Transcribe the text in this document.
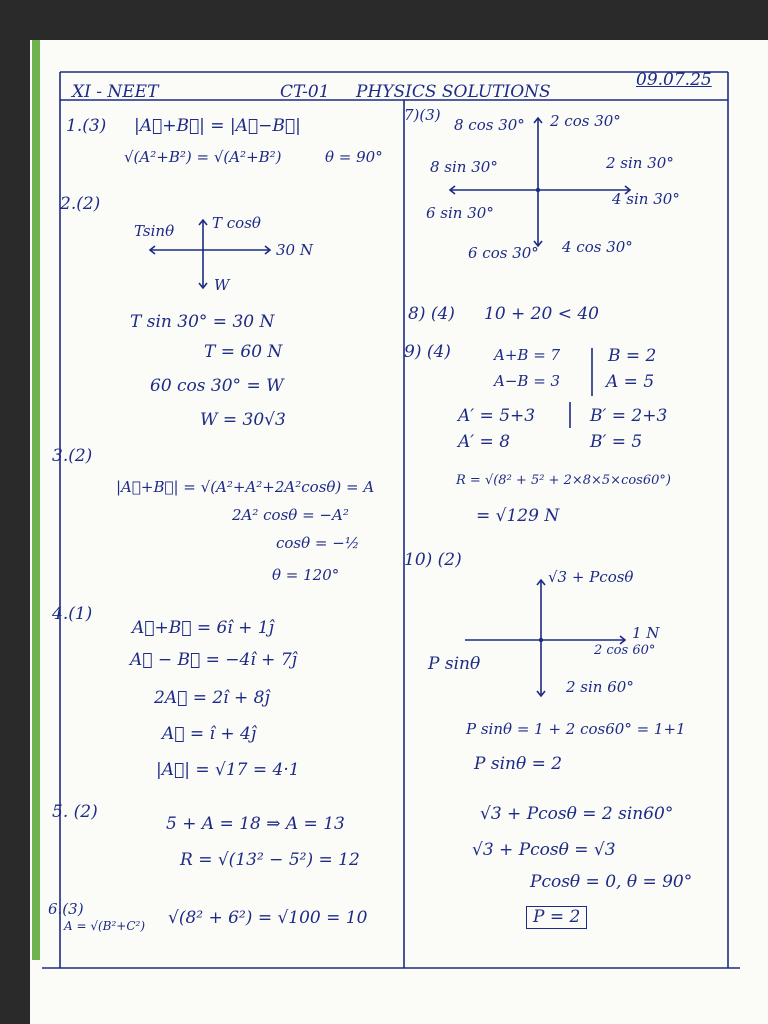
XI - NEET	CT-01 PHYSICS SOLUTIONS
09.07.25
1.(3) |A⃗+B⃗| = |A⃗−B⃗|
√(A²+B²) = √(A²+B²)	θ = 90°
2.(2)
Tsinθ	T cosθ
30 N
W
T sin 30° = 30 N
T = 60 N
60 cos 30° = W
W = 30√3
3.(2)
|A⃗+B⃗| = √(A²+A²+2A²cosθ) = A
2A² cosθ = −A²
cosθ = −½
θ = 120°
4.(1)
A⃗+B⃗ = 6î + 1ĵ
A⃗ − B⃗ = −4î + 7ĵ
2A⃗ = 2î + 8ĵ
A⃗ = î + 4ĵ
|A⃗| = √17 = 4·1
5. (2)
5 + A = 18 ⇒ A = 13
R = √(13² − 5²) = 12
6.(3)
A = √(B²+C²) √(8² + 6²) = √100 = 10
7)(3)
8 cos 30° 2 cos 30°
8 sin 30°	2 sin 30°
6 sin 30°
4 sin 30°
6 cos 30° 4 cos 30°
8) (4) 10 + 20 < 40
9) (4)	A+B = 7
A−B = 3
B = 2
A = 5
A′ = 5+3
A′ = 8
B′ = 2+3
B′ = 5
R = √(8² + 5² + 2×8×5×cos60°)
= √129 N
10) (2)
√3 + Pcosθ
1 N
2 cos 60°
P sinθ
2 sin 60°
P sinθ = 1 + 2 cos60° = 1+1
P sinθ = 2
√3 + Pcosθ = 2 sin60°
√3 + Pcosθ = √3
Pcosθ = 0, θ = 90°
P = 2
